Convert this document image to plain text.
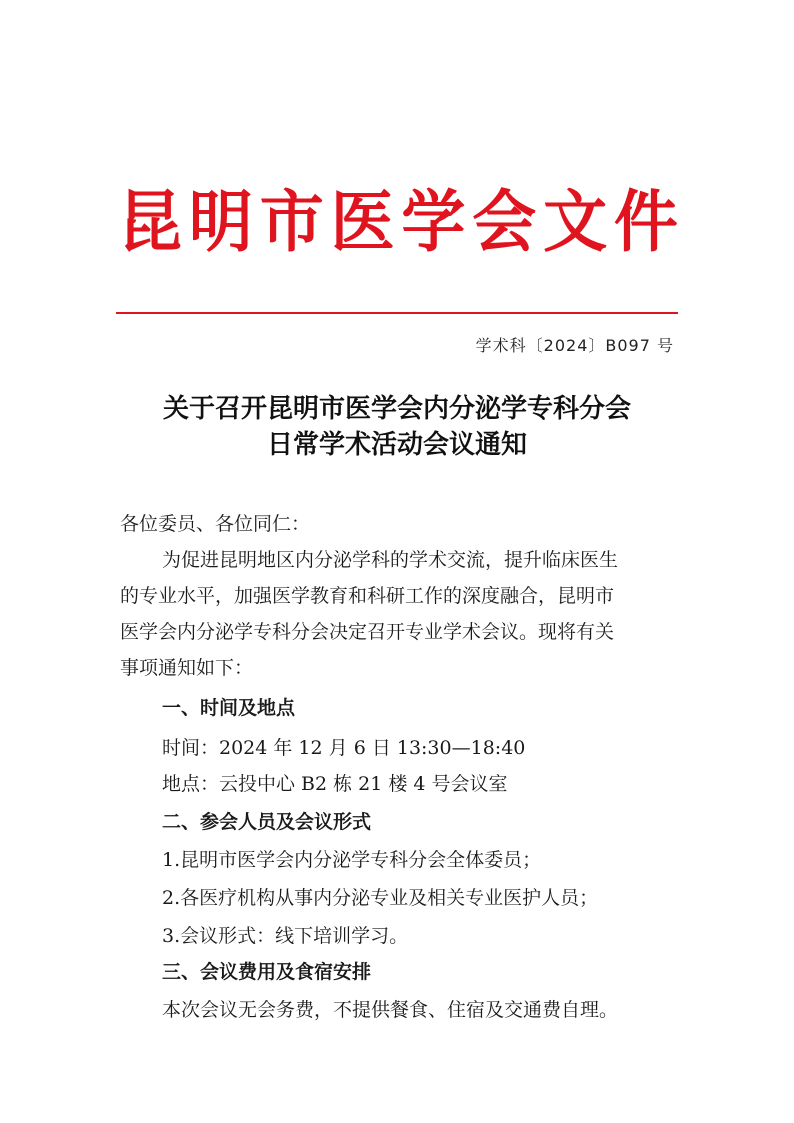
昆 明 市 医 学 会 文 件
学术科〔2024〕B097 号
关于召开昆明市医学会内分泌学专科分会
日常学术活动会议通知
各位委员、各位同仁：
为促进昆明地区内分泌学科的学术交流，提升临床医生
的专业水平，加强医学教育和科研工作的深度融合，昆明市
医学会内分泌学专科分会决定召开专业学术会议。现将有关
事项通知如下：
一、时间及地点
时间：2024 年 12 月 6 日 13:30—18:40
地点：云投中心 B2 栋 21 楼 4 号会议室
二、参会人员及会议形式
1.昆明市医学会内分泌学专科分会全体委员；
2.各医疗机构从事内分泌专业及相关专业医护人员；
3.会议形式：线下培训学习。
三、会议费用及食宿安排
本次会议无会务费，不提供餐食、住宿及交通费自理。
